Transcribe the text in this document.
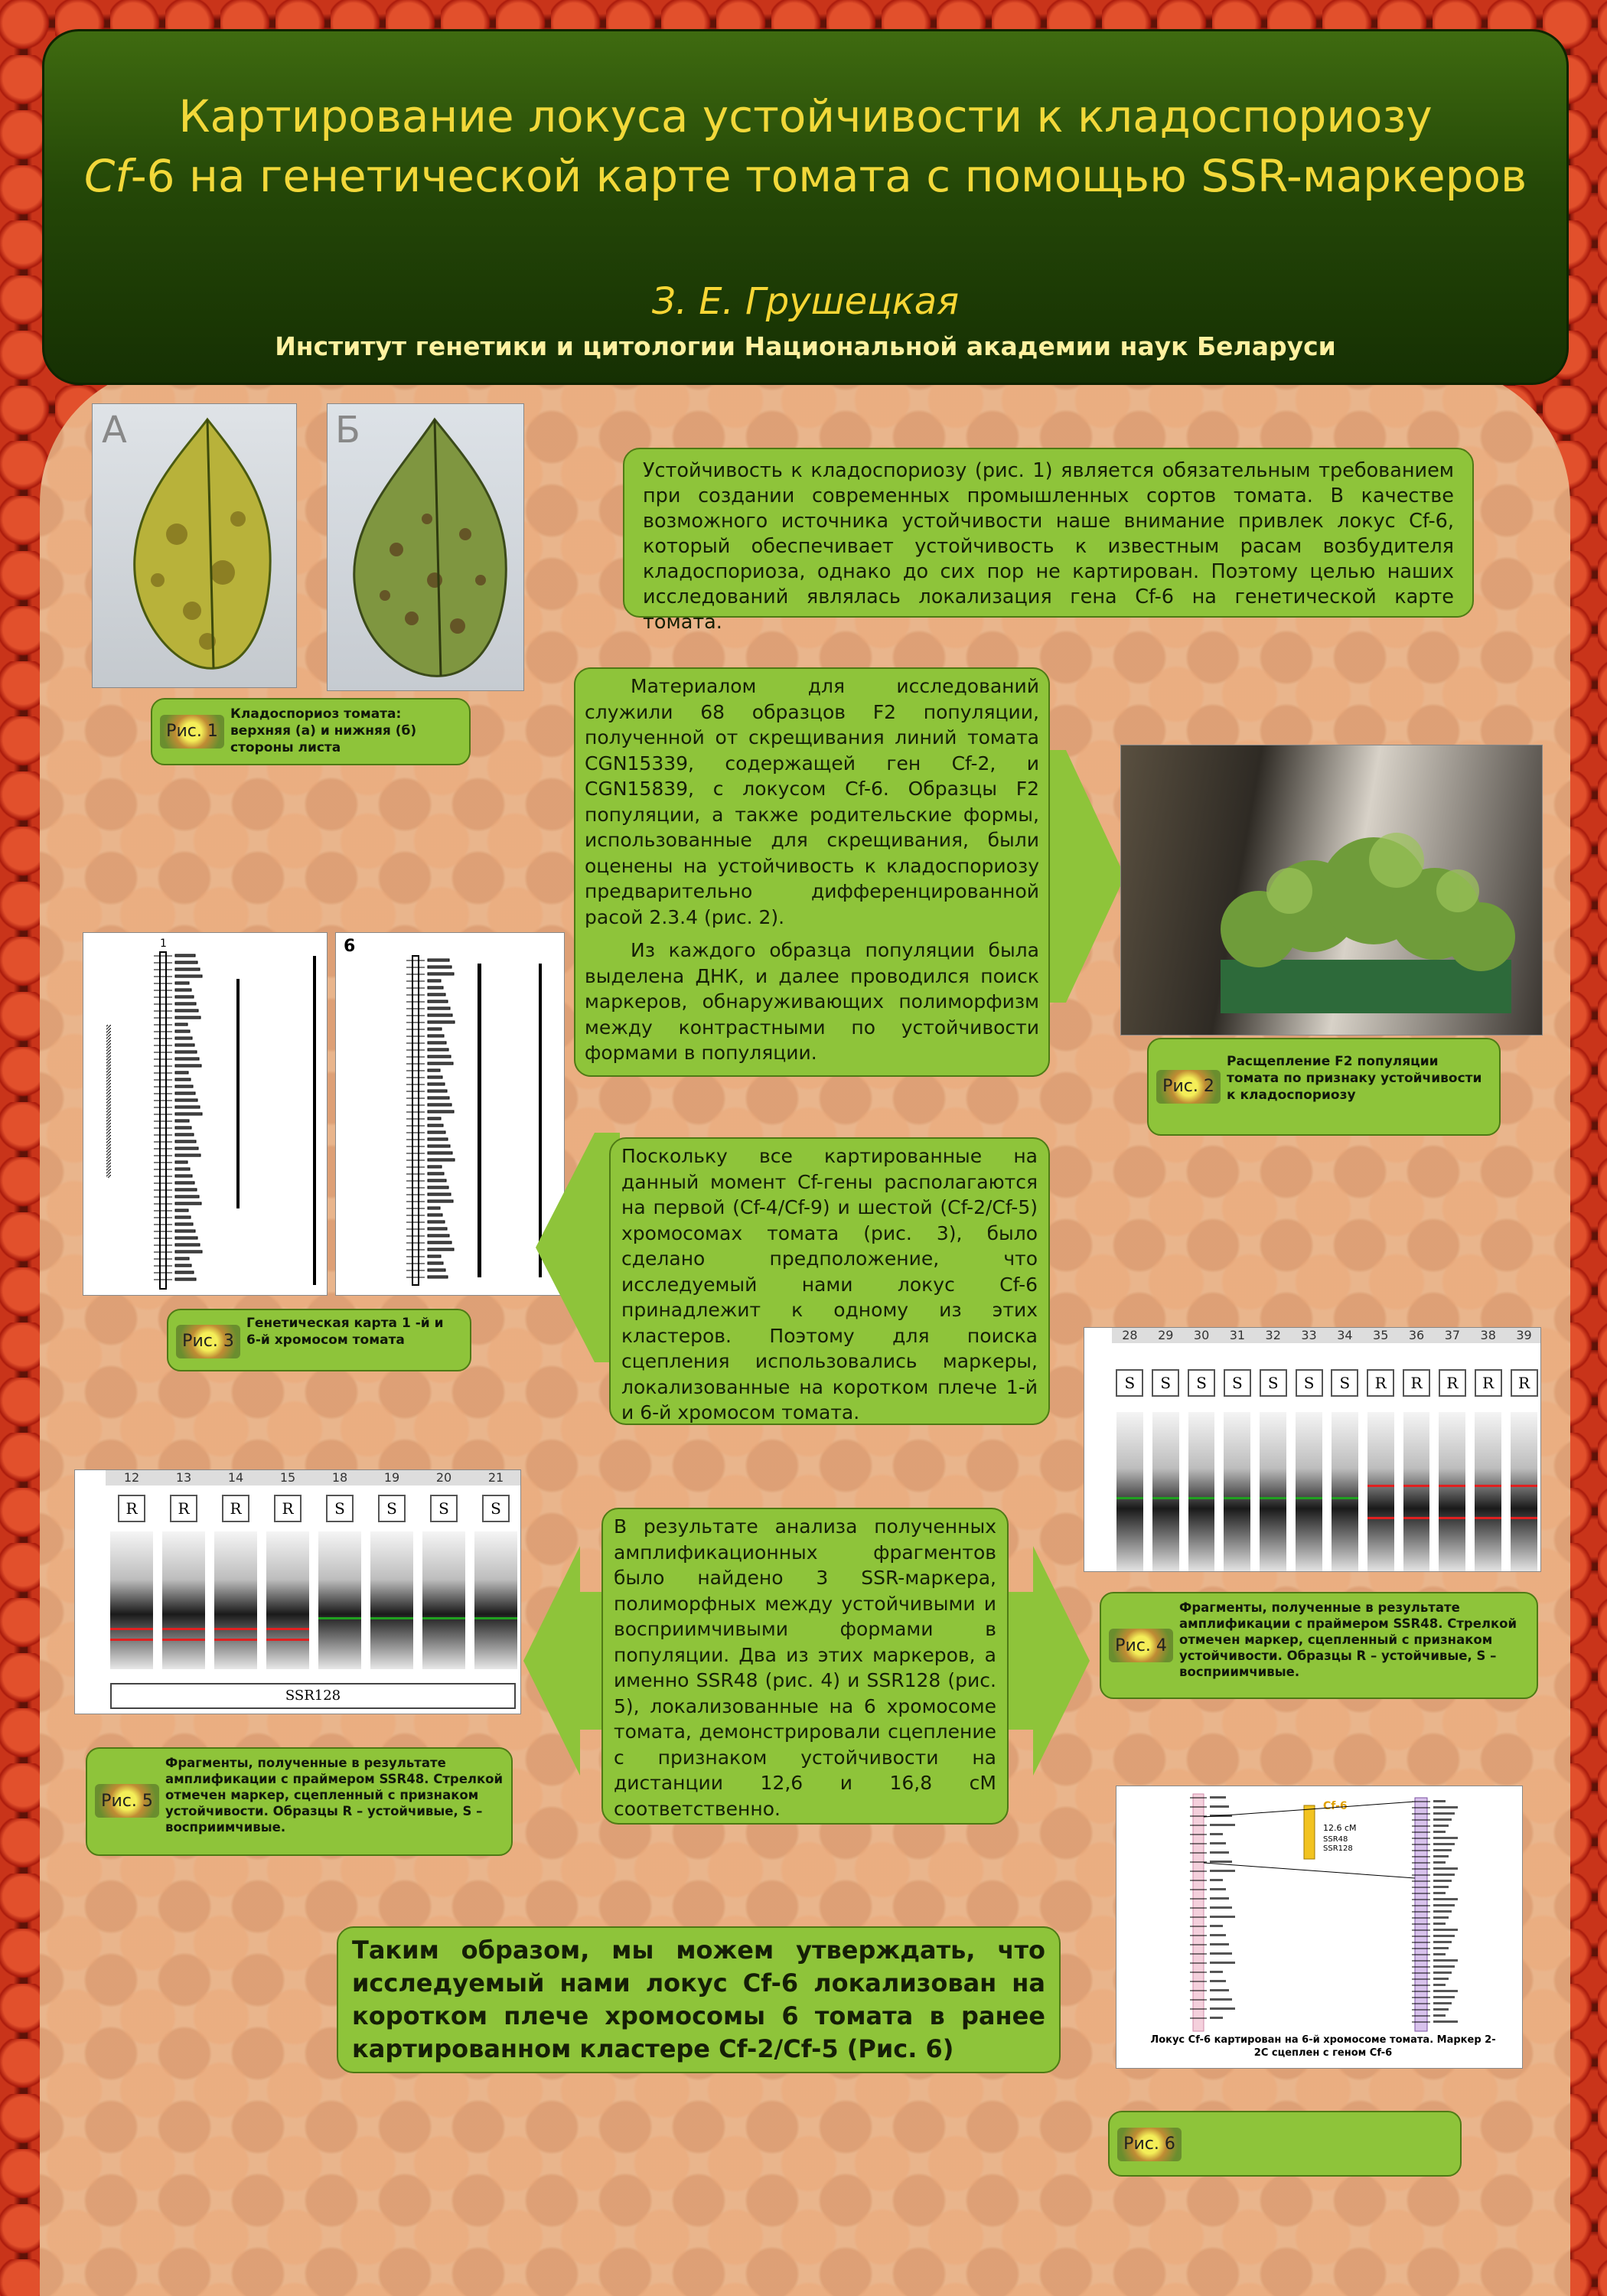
Картирование локуса устойчивости к кладоспориозу
Cf-6 на генетической карте томата с помощью SSR-маркеров
З. Е. Грушецкая
Институт генетики и цитологии Национальной академии наук Беларуси
А	Б
Рис. 1
Кладоспориоз томата: верхняя (а) и нижняя (б) стороны листа
Устойчивость к кладоспориозу (рис. 1) является обязательным требованием при создании современных промышленных сортов томата. В качестве возможного источника устойчивости наше внимание привлек локус Cf-6, который обеспечивает устойчивость к известным расам возбудителя кладоспориоза, однако до сих пор не картирован. Поэтому целью наших исследований являлась локализация гена Cf-6 на генетической карте томата.

Материалом для исследований служили 68 образцов F2 популяции, полученной от скрещивания линий томата CGN15339, содержащей ген Cf-2, и CGN15839, с локусом Cf-6. Образцы F2 популяции, а также родительские формы, использованные для скрещивания, были оценены на устойчивость к кладоспориозу предварительно дифференцированной расой 2.3.4 (рис. 2).

Из каждого образца популяции была выделена ДНК, и далее проводился поиск маркеров, обнаруживающих полиморфизм между контрастными по устойчивости формами в популяции.

Рис. 2
Расщепление F2 популяции томата по признаку устойчивости к кладоспориозу
1	6
Рис. 3
Генетическая карта 1 -й и 6-й хромосом томата
Поскольку все картированные на данный момент Cf-гены располагаются на первой (Cf-4/Cf-9) и шестой (Cf-2/Cf-5) хромосомах томата (рис. 3), было сделано предположение, что исследуемый нами локус Cf-6 принадлежит к одному из этих кластеров. Поэтому для поиска сцепления использовались маркеры, локализованные на коротком плече 1-й и 6-й хромосом томата.
28	29	30	31	32	33	34	35	36	37	38	39
S	S	S	S	S	S	S	R	R	R	R	R
Рис. 4
Фрагменты, полученные в результате амплификации с праймером SSR48. Стрелкой отмечен маркер, сцепленный с признаком устойчивости. Образцы R – устойчивые, S – восприимчивые.
В результате анализа полученных амплификационных фрагментов было найдено 3 SSR-маркера, полиморфных между устойчивыми и восприимчивыми формами в популяции. Два из этих маркеров, а именно SSR48 (рис. 4) и SSR128 (рис. 5), локализованные на 6 хромосоме томата, демонстрировали сцепление с признаком устойчивости на дистанции 12,6 и 16,8 сМ соответственно.
12	13	14	15	18	19	20	21
R	R	R	R	S	S	S	S
SSR128
Рис. 5
Фрагменты, полученные в результате амплификации с праймером SSR48. Стрелкой отмечен маркер, сцепленный с признаком устойчивости. Образцы R – устойчивые, S – восприимчивые.
Таким образом, мы можем утверждать, что исследуемый нами локус Cf-6 локализован на коротком плече хромосомы 6 томата в ранее картированном кластере Cf-2/Cf-5 (Рис. 6)
Cf-6
12.6 cM
SSR48
SSR128
Локус Cf-6 картирован на 6-й хромосоме томата. Маркер 2-2C сцеплен с геном Cf-6
Рис. 6
